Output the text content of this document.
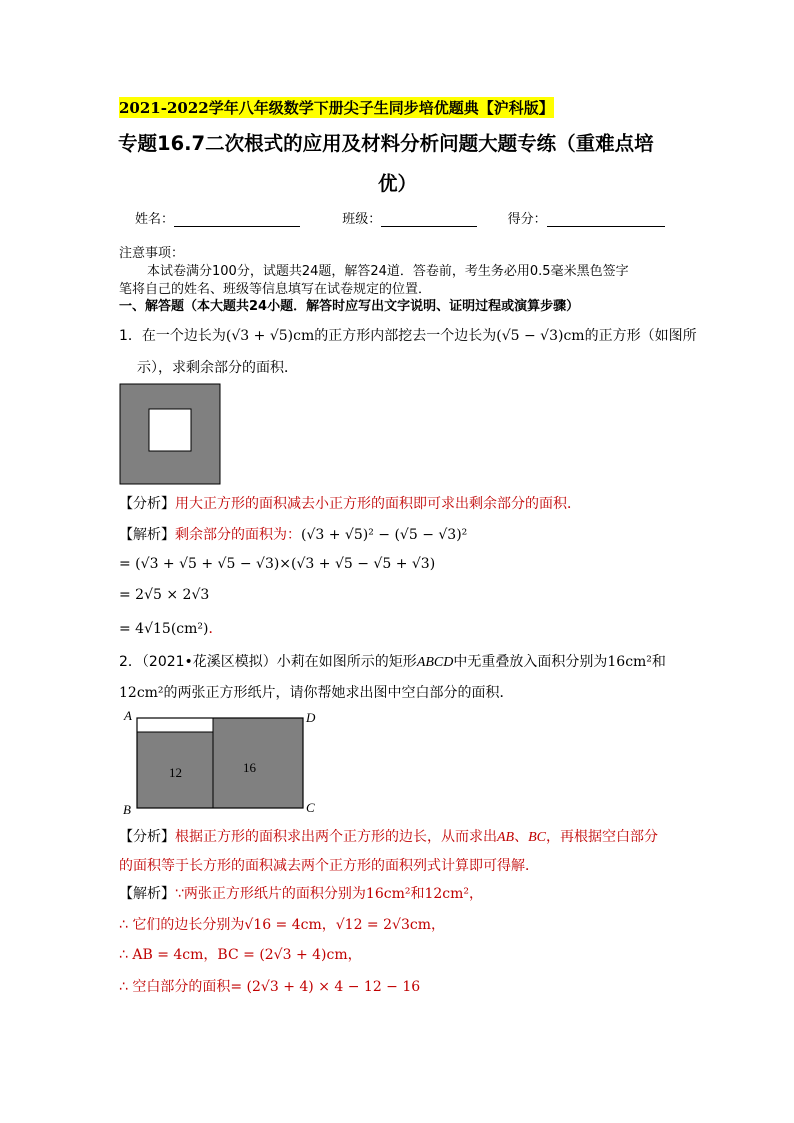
2021-2022学年八年级数学下册尖子生同步培优题典【沪科版】
专题16.7二次根式的应用及材料分析问题大题专练（重难点培
优）
姓名：	班级：	得分：
注意事项：
本试卷满分100分，试题共24题，解答24道．答卷前，考生务必用0.5毫米黑色签字
笔将自己的姓名、班级等信息填写在试卷规定的位置．
一、解答题（本大题共24小题．解答时应写出文字说明、证明过程或演算步骤）
1．在一个边长为(√3 + √5)cm的正方形内部挖去一个边长为(√5 − √3)cm的正方形（如图所
示），求剩余部分的面积．
【分析】用大正方形的面积减去小正方形的面积即可求出剩余部分的面积．
【解析】剩余部分的面积为：(√3 + √5)² − (√5 − √3)²
= (√3 + √5 + √5 − √3)×(√3 + √5 − √5 + √3)
= 2√5 × 2√3
= 4√15(cm²)．
2．（2021•花溪区模拟）小莉在如图所示的矩形ABCD中无重叠放入面积分别为16cm²和
12cm²的两张正方形纸片，请你帮她求出图中空白部分的面积．
A
B	C
D
12	16
【分析】根据正方形的面积求出两个正方形的边长，从而求出AB、BC，再根据空白部分
的面积等于长方形的面积减去两个正方形的面积列式计算即可得解．
【解析】∵两张正方形纸片的面积分别为16cm²和12cm²，
∴ 它们的边长分别为√16 = 4cm，√12 = 2√3cm，
∴ AB = 4cm，BC = (2√3 + 4)cm，
∴ 空白部分的面积= (2√3 + 4) × 4 − 12 − 16
